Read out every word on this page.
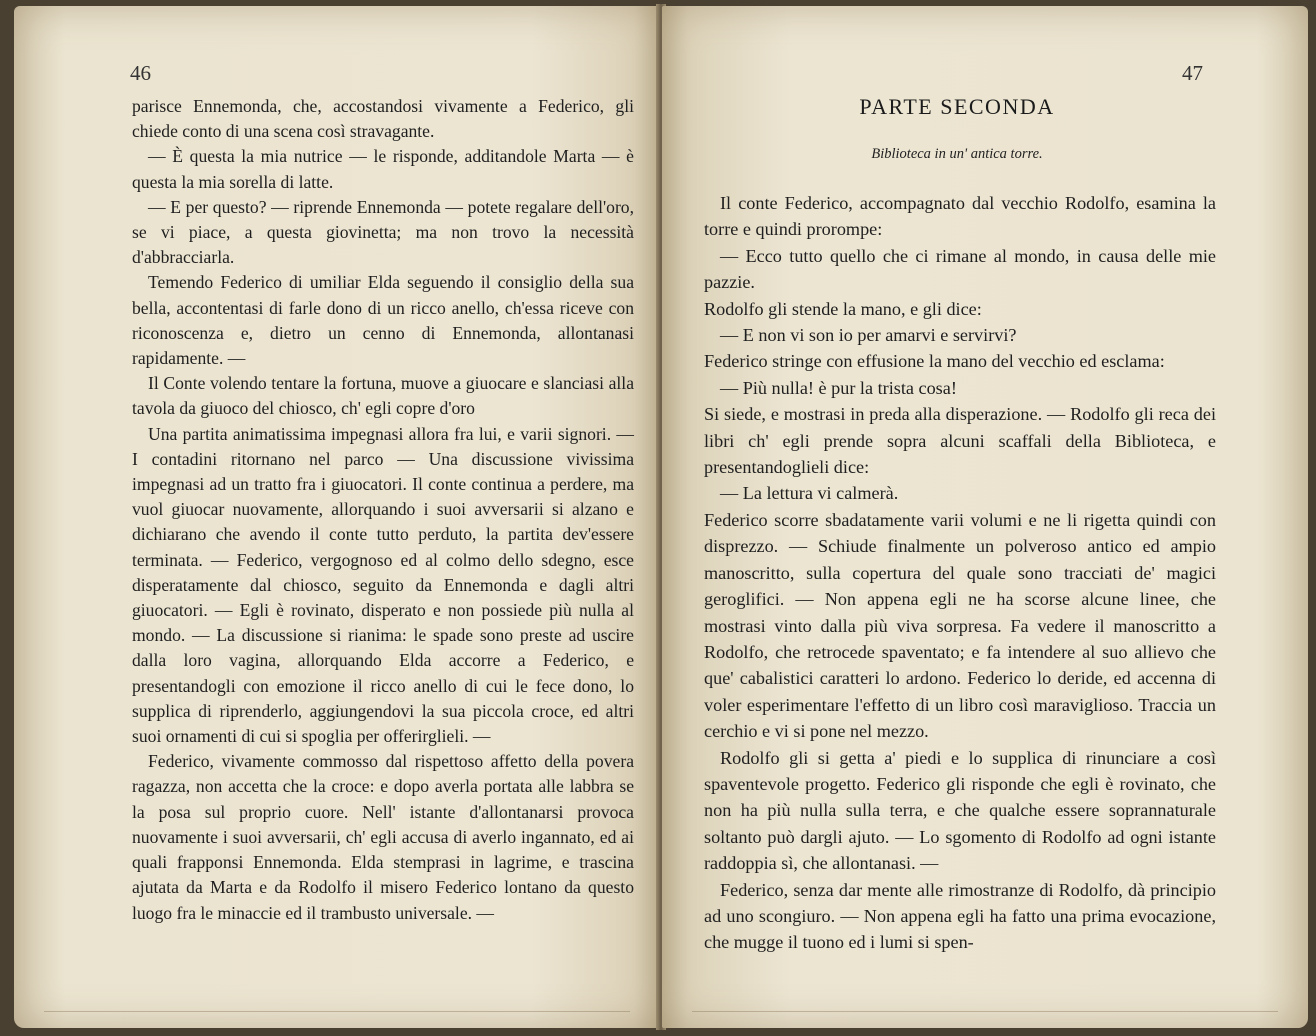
46

parisce Ennemonda, che, accostandosi vivamente a Federico, gli chiede conto di una scena così stravagante.

— È questa la mia nutrice — le risponde, additandole Marta — è questa la mia sorella di latte.

— E per questo? — riprende Ennemonda — potete regalare dell'oro, se vi piace, a questa giovinetta; ma non trovo la necessità d'abbracciarla.

Temendo Federico di umiliar Elda seguendo il consiglio della sua bella, accontentasi di farle dono di un ricco anello, ch'essa riceve con riconoscenza e, dietro un cenno di Ennemonda, allontanasi rapidamente. —

Il Conte volendo tentare la fortuna, muove a giuocare e slanciasi alla tavola da giuoco del chiosco, ch' egli copre d'oro

Una partita animatissima impegnasi allora fra lui, e varii signori. — I contadini ritornano nel parco — Una discussione vivissima impegnasi ad un tratto fra i giuocatori. Il conte continua a perdere, ma vuol giuocar nuovamente, allorquando i suoi avversarii si alzano e dichiarano che avendo il conte tutto perduto, la partita dev'essere terminata. — Federico, vergognoso ed al colmo dello sdegno, esce disperatamente dal chiosco, seguito da Ennemonda e dagli altri giuocatori. — Egli è rovinato, disperato e non possiede più nulla al mondo. — La discussione si rianima: le spade sono preste ad uscire dalla loro vagina, allorquando Elda accorre a Federico, e presentandogli con emozione il ricco anello di cui le fece dono, lo supplica di riprenderlo, aggiungendovi la sua piccola croce, ed altri suoi ornamenti di cui si spoglia per offerirglieli. —

Federico, vivamente commosso dal rispettoso affetto della povera ragazza, non accetta che la croce: e dopo averla portata alle labbra se la posa sul proprio cuore. Nell' istante d'allontanarsi provoca nuovamente i suoi avversarii, ch' egli accusa di averlo ingannato, ed ai quali frapponsi Ennemonda. Elda stemprasi in lagrime, e trascina ajutata da Marta e da Rodolfo il misero Federico lontano da questo luogo fra le minaccie ed il trambusto universale. —

47
PARTE SECONDA
Biblioteca in un' antica torre.

Il conte Federico, accompagnato dal vecchio Rodolfo, esamina la torre e quindi prorompe:

— Ecco tutto quello che ci rimane al mondo, in causa delle mie pazzie.

Rodolfo gli stende la mano, e gli dice:

— E non vi son io per amarvi e servirvi?

Federico stringe con effusione la mano del vecchio ed esclama:

— Più nulla! è pur la trista cosa!

Si siede, e mostrasi in preda alla disperazione. — Rodolfo gli reca dei libri ch' egli prende sopra alcuni scaffali della Biblioteca, e presentandoglieli dice:

— La lettura vi calmerà.

Federico scorre sbadatamente varii volumi e ne li rigetta quindi con disprezzo. — Schiude finalmente un polveroso antico ed ampio manoscritto, sulla copertura del quale sono tracciati de' magici geroglifici. — Non appena egli ne ha scorse alcune linee, che mostrasi vinto dalla più viva sorpresa. Fa vedere il manoscritto a Rodolfo, che retrocede spaventato; e fa intendere al suo allievo che que' cabalistici caratteri lo ardono. Federico lo deride, ed accenna di voler esperimentare l'effetto di un libro così maraviglioso. Traccia un cerchio e vi si pone nel mezzo.

Rodolfo gli si getta a' piedi e lo supplica di rinunciare a così spaventevole progetto. Federico gli risponde che egli è rovinato, che non ha più nulla sulla terra, e che qualche essere soprannaturale soltanto può dargli ajuto. — Lo sgomento di Rodolfo ad ogni istante raddoppia sì, che allontanasi. —

Federico, senza dar mente alle rimostranze di Rodolfo, dà principio ad uno scongiuro. — Non appena egli ha fatto una prima evocazione, che mugge il tuono ed i lumi si spen-
